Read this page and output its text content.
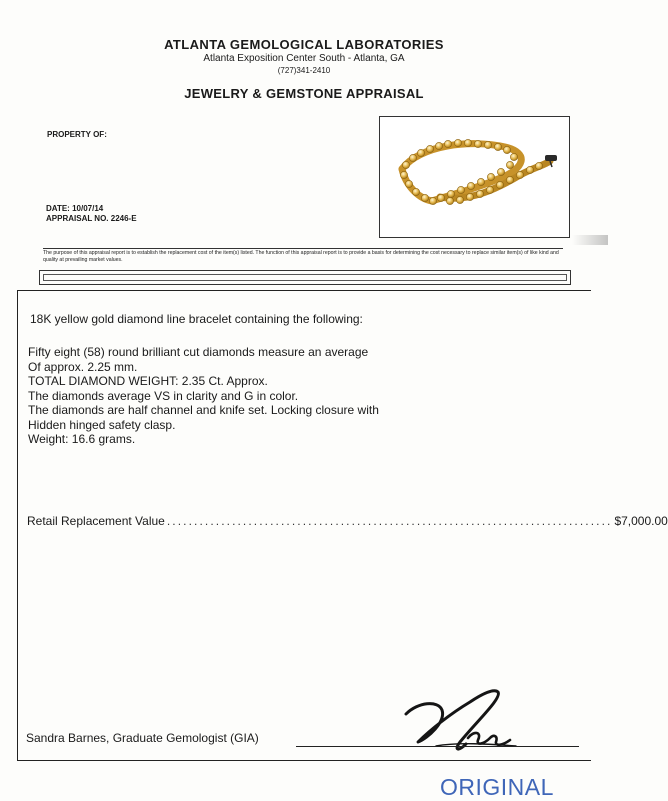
ATLANTA GEMOLOGICAL LABORATORIES
Atlanta Exposition Center South - Atlanta, GA
(727)341-2410
JEWELRY & GEMSTONE APPRAISAL
PROPERTY OF:
DATE: 10/07/14
APPRAISAL NO. 2246-E
The purpose of this appraisal report is to establish the replacement cost of the item(s) listed. The function of this appraisal report is to provide a basis for determining the cost necessary to replace similar item(s) of like kind and quality at prevailing market values.
18K yellow gold diamond line bracelet containing the following:
Fifty eight (58) round brilliant cut diamonds measure an average
Of approx. 2.25 mm.
TOTAL DIAMOND WEIGHT: 2.35 Ct. Approx.
The diamonds average VS in clarity and G in color.
The diamonds are half channel and knife set. Locking closure with
Hidden hinged safety clasp.
Weight: 16.6 grams.
Retail Replacement Value .................................................................................. $7,000.00
Sandra Barnes, Graduate Gemologist (GIA)
ORIGINAL
